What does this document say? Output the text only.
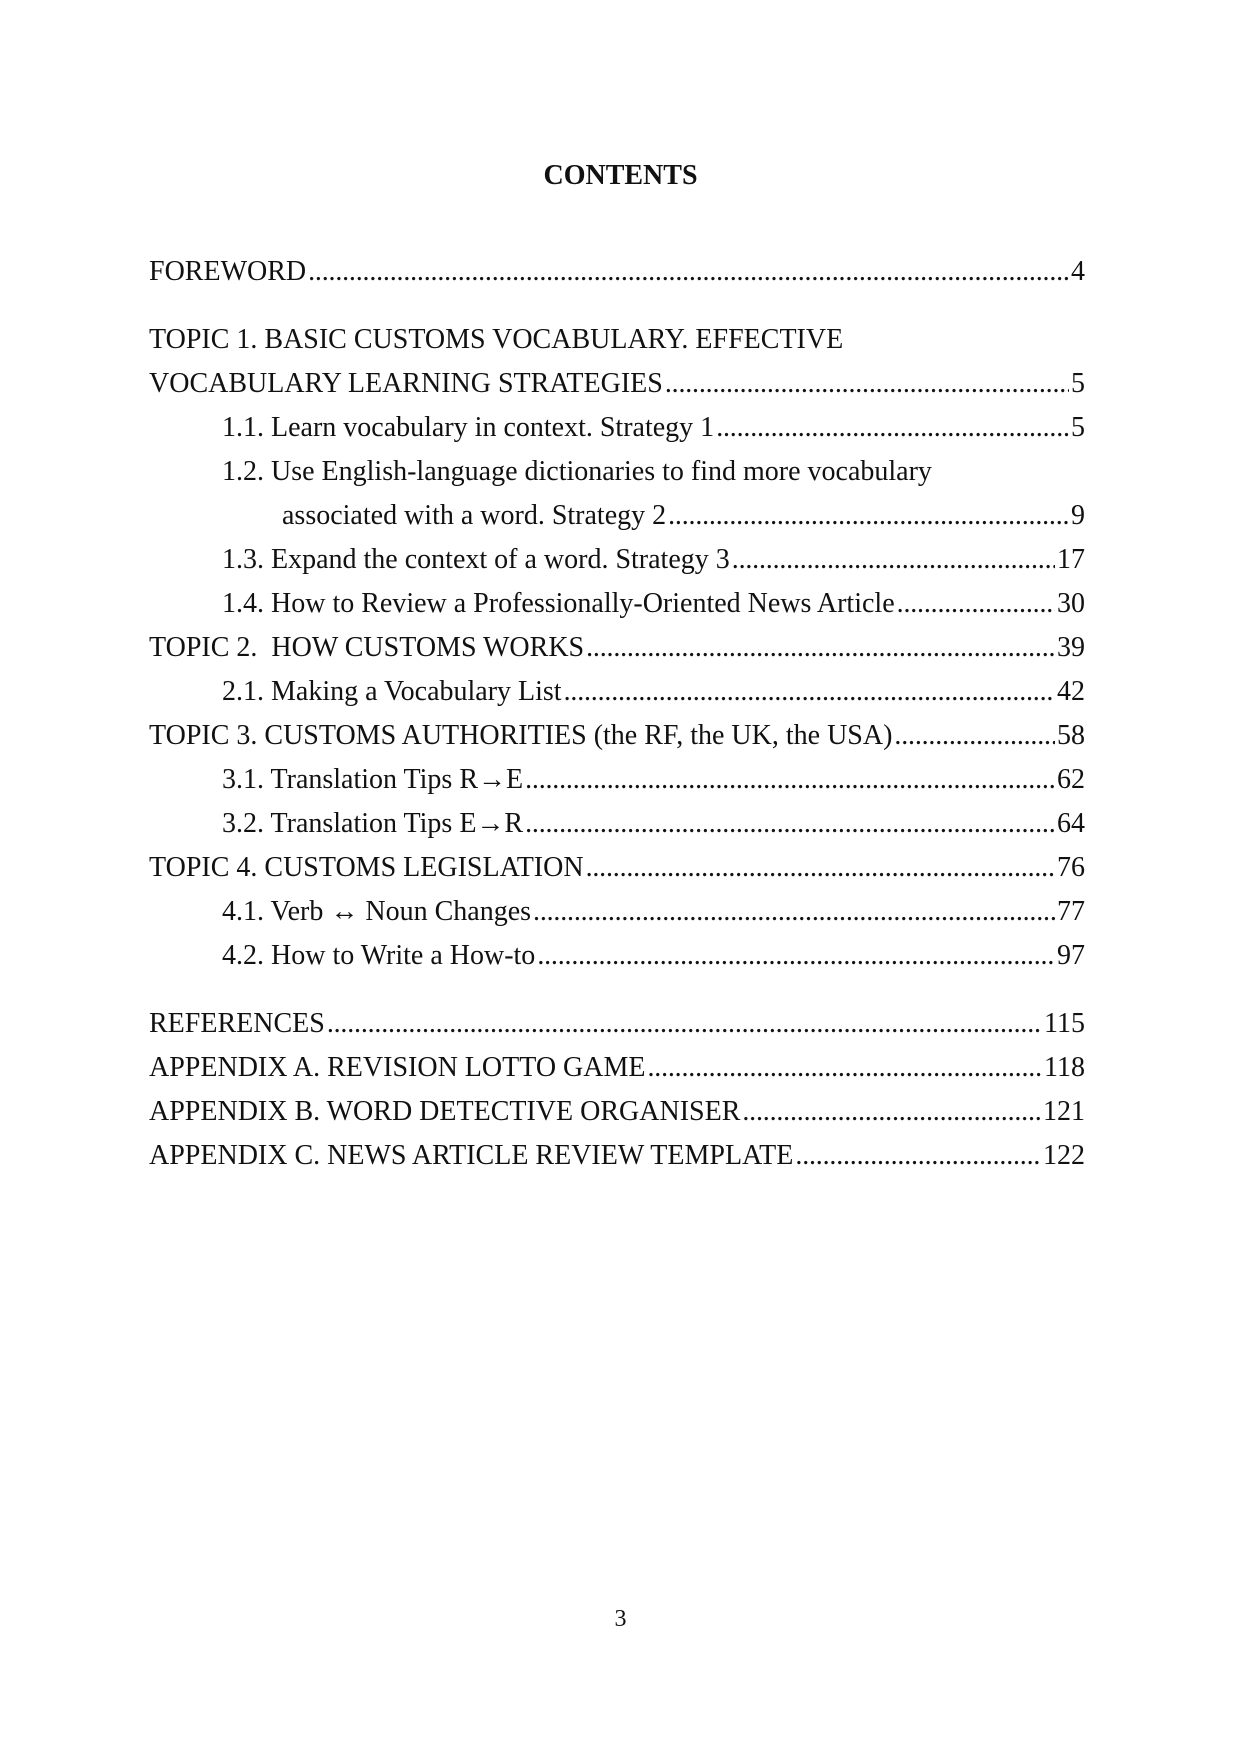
CONTENTS
FOREWORD . . .	4
TOPIC 1. BASIC CUSTOMS VOCABULARY. EFFECTIVE
VOCABULARY LEARNING STRATEGIES . . .	5
1.1. Learn vocabulary in context. Strategy 1 . . .	5
1.2. Use English-language dictionaries to find more vocabulary
associated with a word. Strategy 2 . . .	9
1.3. Expand the context of a word. Strategy 3 . . .	17
1.4. How to Review a Professionally-Oriented News Article . . .	30
TOPIC 2.  HOW CUSTOMS WORKS . . .	39
2.1. Making a Vocabulary List . . .	42
TOPIC 3. CUSTOMS AUTHORITIES (the RF, the UK, the USA) . . .	58
3.1. Translation Tips R→E . . .	62
3.2. Translation Tips E→R . . .	64
TOPIC 4. CUSTOMS LEGISLATION . . .	76
4.1. Verb ↔ Noun Changes . . .	77
4.2. How to Write a How-to . . .	97
REFERENCES . . .	115
APPENDIX A. REVISION LOTTO GAME . . .	118
APPENDIX B. WORD DETECTIVE ORGANISER . . .	121
APPENDIX C. NEWS ARTICLE REVIEW TEMPLATE . . .	122
3
